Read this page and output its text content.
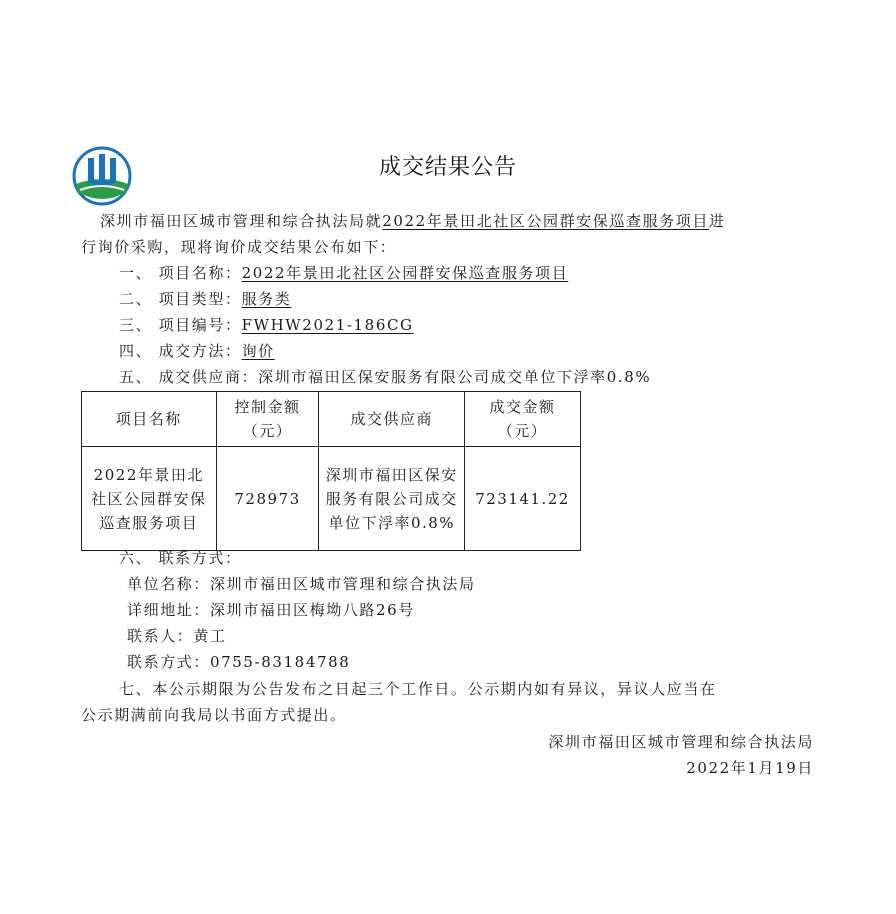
成交结果公告
深圳市福田区城市管理和综合执法局就2022年景田北社区公园群安保巡查服务项目进
行询价采购，现将询价成交结果公布如下：
一、 项目名称：2022年景田北社区公园群安保巡查服务项目
二、 项目类型：服务类
三、 项目编号：FWHW2021-186CG
四、 成交方法：询价
五、 成交供应商：深圳市福田区保安服务有限公司成交单位下浮率0.8%
项目名称	控制金额（元）	成交供应商	成交金额（元）
2022年景田北社区公园群安保巡查服务项目	728973	深圳市福田区保安服务有限公司成交单位下浮率0.8%	723141.22
六、 联系方式：
单位名称：深圳市福田区城市管理和综合执法局
详细地址：深圳市福田区梅坳八路26号
联系人：黄工
联系方式：0755-83184788
七、本公示期限为公告发布之日起三个工作日。公示期内如有异议，异议人应当在
公示期满前向我局以书面方式提出。
深圳市福田区城市管理和综合执法局
2022年1月19日
